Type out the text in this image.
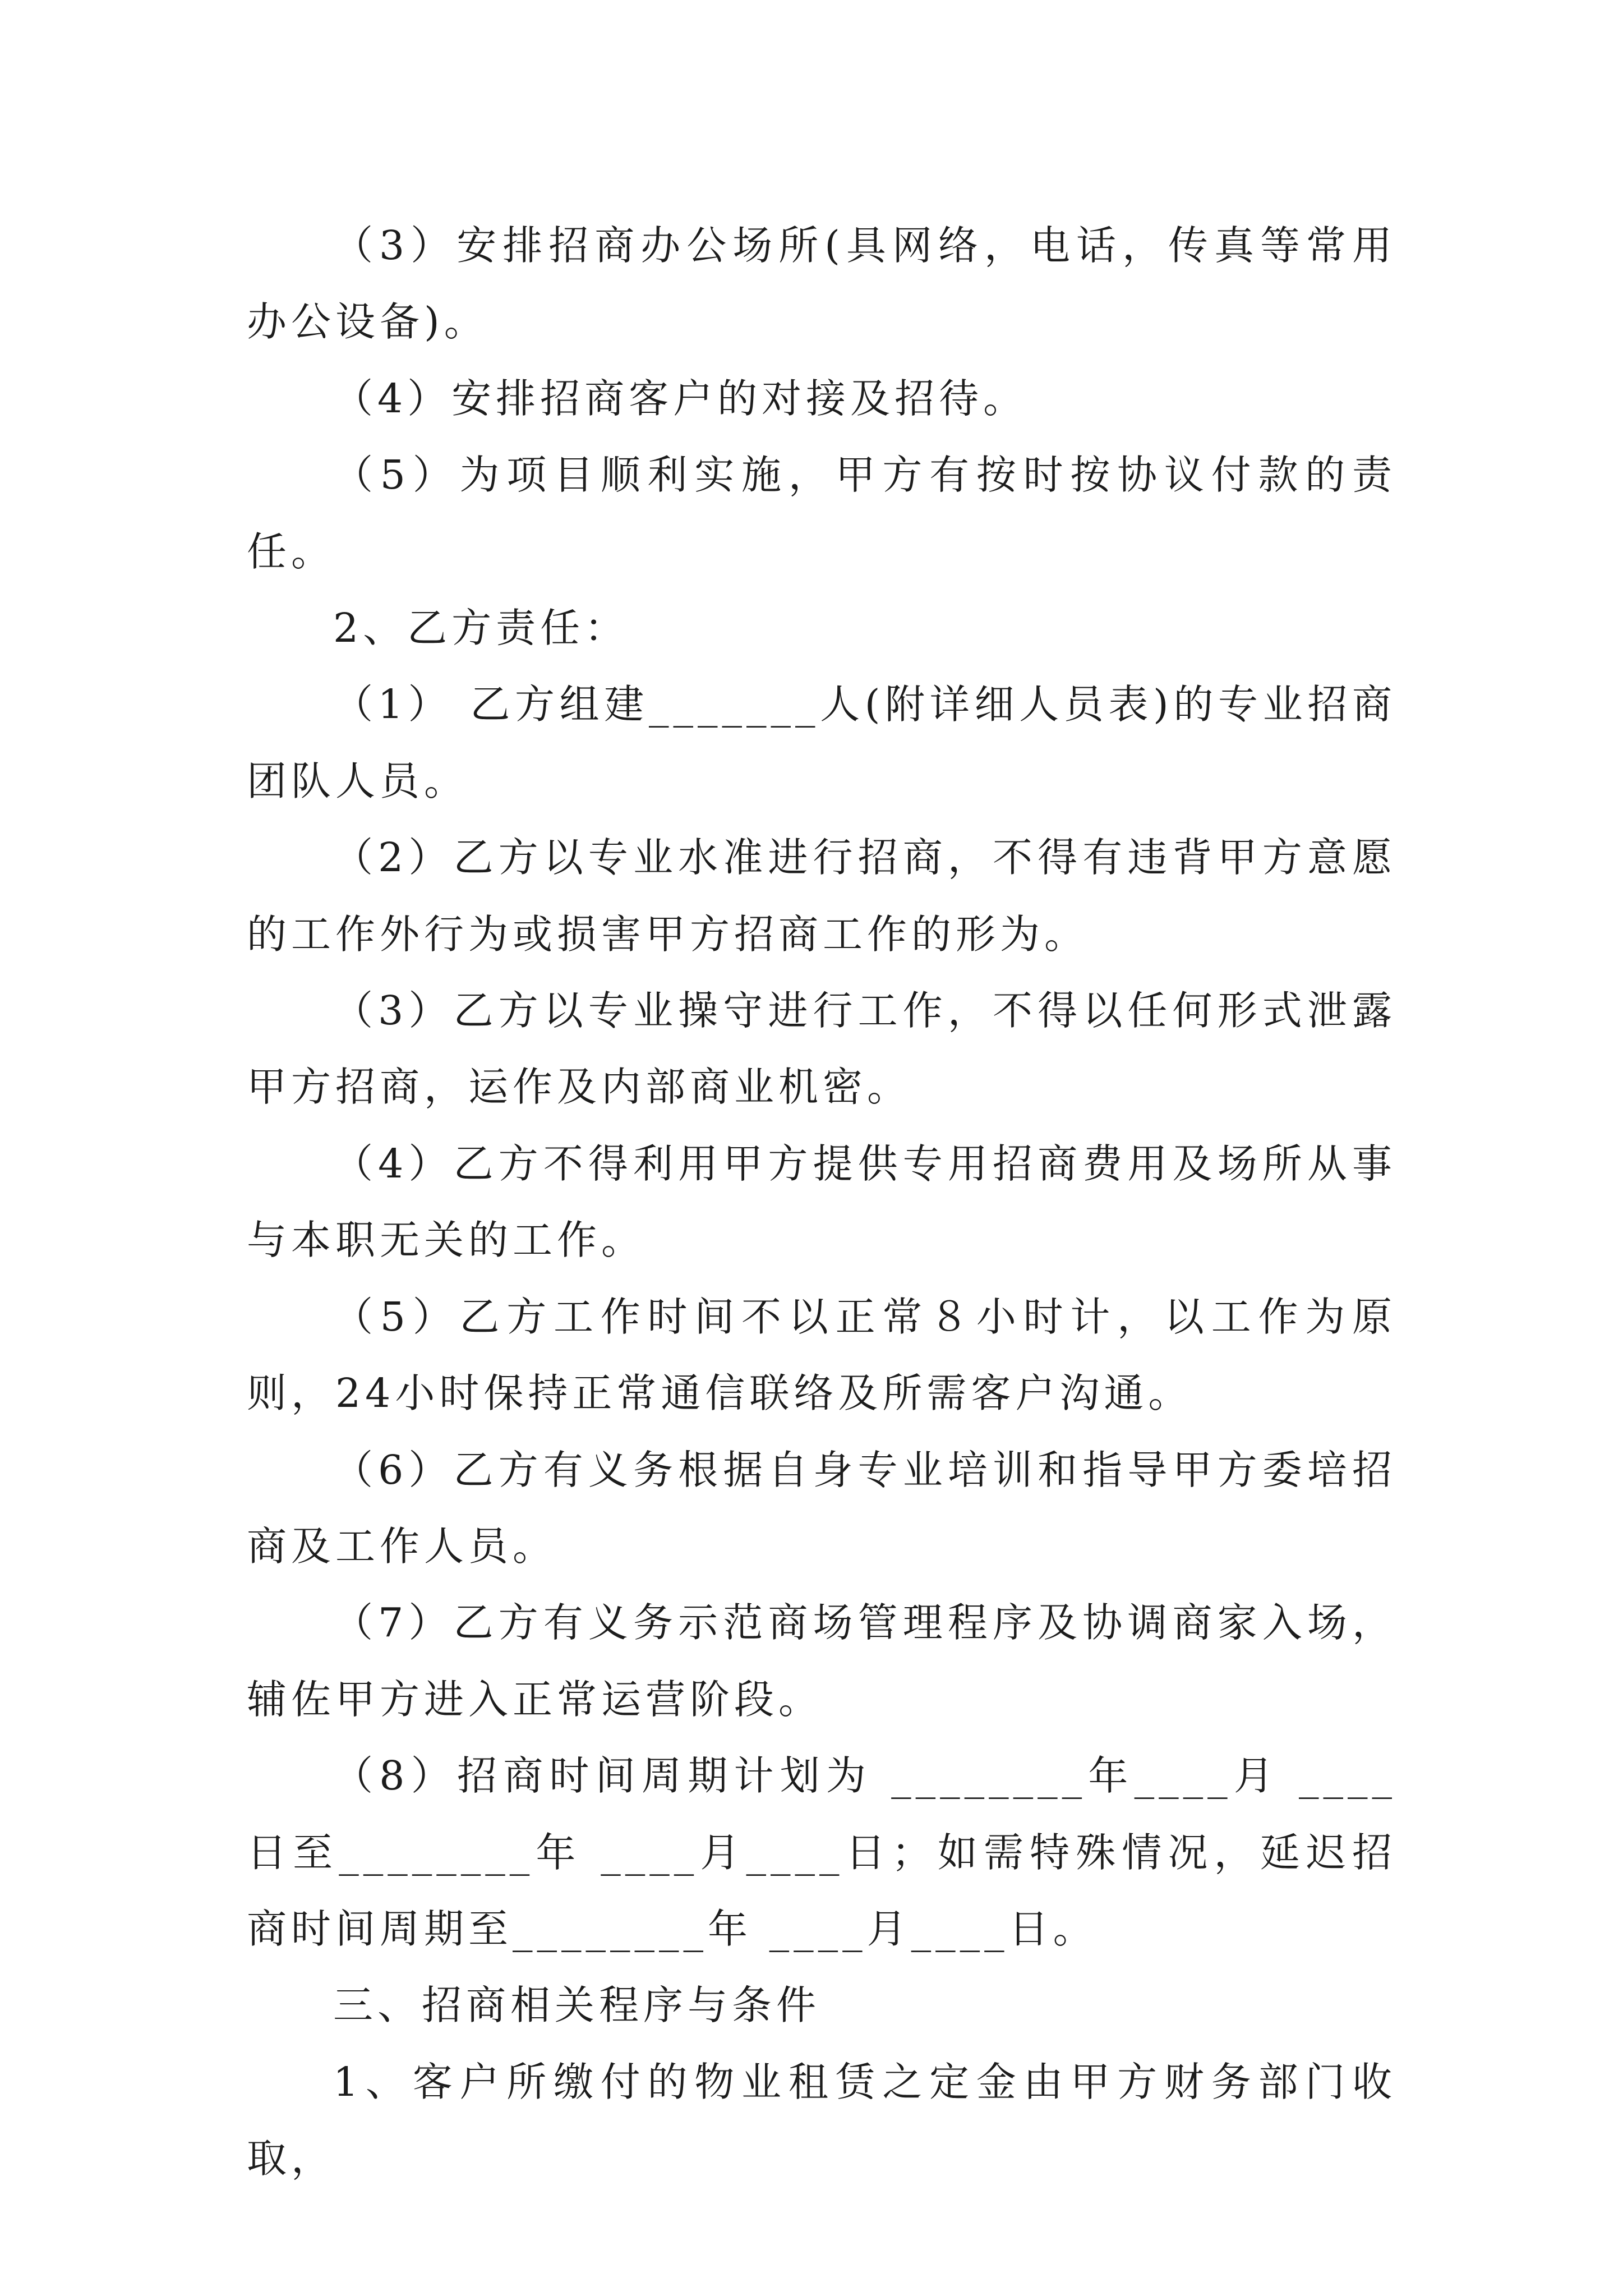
（3）安排招商办公场所(具网络，电话，传真等常用办公设备)。

（4）安排招商客户的对接及招待。

（5）为项目顺利实施，甲方有按时按协议付款的责任。

2、乙方责任：

（1） 乙方组建_______人(附详细人员表)的专业招商团队人员。

（2）乙方以专业水准进行招商，不得有违背甲方意愿的工作外行为或损害甲方招商工作的形为。

（3）乙方以专业操守进行工作，不得以任何形式泄露甲方招商，运作及内部商业机密。

（4）乙方不得利用甲方提供专用招商费用及场所从事与本职无关的工作。

（5）乙方工作时间不以正常８小时计，以工作为原则，24小时保持正常通信联络及所需客户沟通。

（6）乙方有义务根据自身专业培训和指导甲方委培招商及工作人员。

（7）乙方有义务示范商场管理程序及协调商家入场，辅佐甲方进入正常运营阶段。

（8）招商时间周期计划为 ________年____月 ____日至________年 ____月____日；如需特殊情况，延迟招商时间周期至________年 ____月____日。

三、招商相关程序与条件

1、客户所缴付的物业租赁之定金由甲方财务部门收取，
